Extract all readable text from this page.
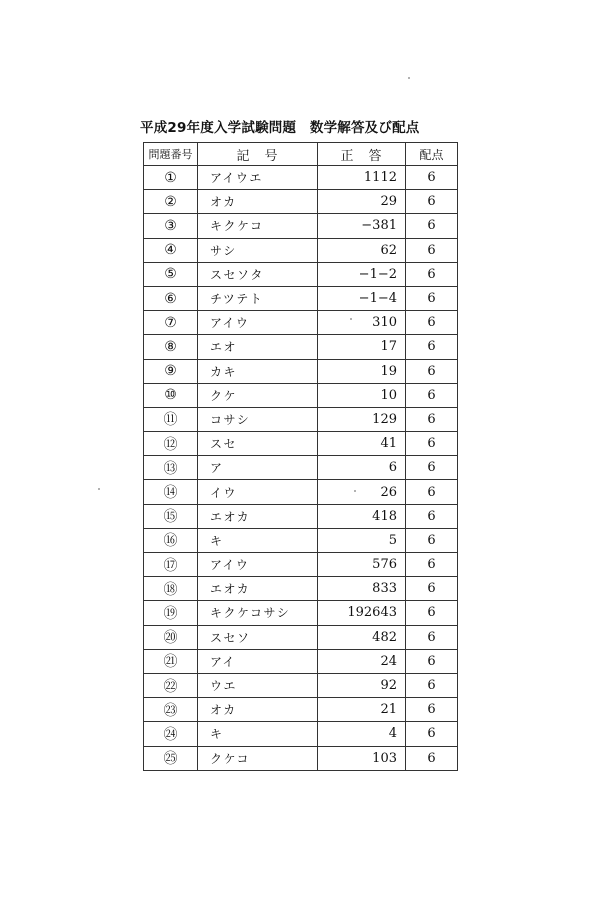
平成29年度入学試験問題　数学解答及び配点
問題番号	記　号	正　答	配点
①	アイウエ	1112	6
②	オカ	29	6
③	キクケコ	−381	6
④	サシ	62	6
⑤	スセソタ	−1−2	6
⑥	チツテト	−1−4	6
⑦	アイウ	310	6
⑧	エオ	17	6
⑨	カキ	19	6
⑩	クケ	10	6
⑪	コサシ	129	6
⑫	スセ	41	6
⑬	ア	6	6
⑭	イウ	26	6
⑮	エオカ	418	6
⑯	キ	5	6
⑰	アイウ	576	6
⑱	エオカ	833	6
⑲	キクケコサシ	192643	6
⑳	スセソ	482	6
㉑	アイ	24	6
㉒	ウエ	92	6
㉓	オカ	21	6
㉔	キ	4	6
㉕	クケコ	103	6
